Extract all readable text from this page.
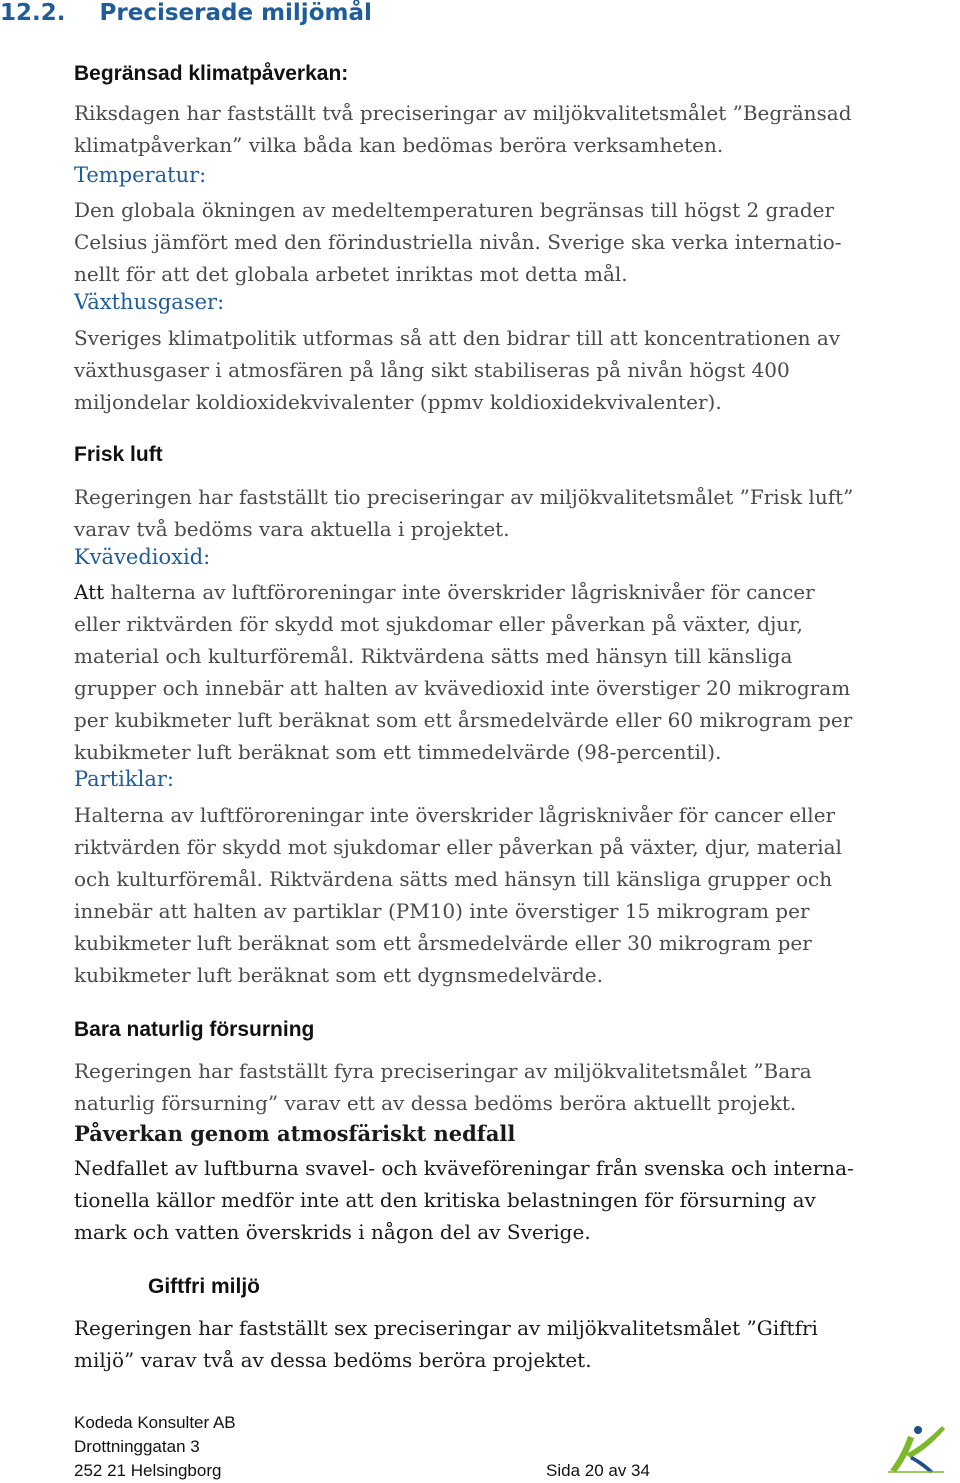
12.2. Preciserade miljömål
Begränsad klimatpåverkan:
Riksdagen har fastställt två preciseringar av miljökvalitetsmålet ”Begränsad
klimatpåverkan” vilka båda kan bedömas beröra verksamheten.
Temperatur:
Den globala ökningen av medeltemperaturen begränsas till högst 2 grader
Celsius jämfört med den förindustriella nivån. Sverige ska verka internatio-
nellt för att det globala arbetet inriktas mot detta mål.
Växthusgaser:
Sveriges klimatpolitik utformas så att den bidrar till att koncentrationen av
växthusgaser i atmosfären på lång sikt stabiliseras på nivån högst 400
miljondelar koldioxidekvivalenter (ppmv koldioxidekvivalenter).
Frisk luft
Regeringen har fastställt tio preciseringar av miljökvalitetsmålet ”Frisk luft”
varav två bedöms vara aktuella i projektet.
Kvävedioxid:
Att halterna av luftföroreningar inte överskrider lågrisknivåer för cancer
eller riktvärden för skydd mot sjukdomar eller påverkan på växter, djur,
material och kulturföremål. Riktvärdena sätts med hänsyn till känsliga
grupper och innebär att halten av kvävedioxid inte överstiger 20 mikrogram
per kubikmeter luft beräknat som ett årsmedelvärde eller 60 mikrogram per
kubikmeter luft beräknat som ett timmedelvärde (98-percentil).
Partiklar:
Halterna av luftföroreningar inte överskrider lågrisknivåer för cancer eller
riktvärden för skydd mot sjukdomar eller påverkan på växter, djur, material
och kulturföremål. Riktvärdena sätts med hänsyn till känsliga grupper och
innebär att halten av partiklar (PM10) inte överstiger 15 mikrogram per
kubikmeter luft beräknat som ett årsmedelvärde eller 30 mikrogram per
kubikmeter luft beräknat som ett dygnsmedelvärde.
Bara naturlig försurning
Regeringen har fastställt fyra preciseringar av miljökvalitetsmålet ”Bara
naturlig försurning” varav ett av dessa bedöms beröra aktuellt projekt.
Påverkan genom atmosfäriskt nedfall
Nedfallet av luftburna svavel- och kväveföreningar från svenska och interna-
tionella källor medför inte att den kritiska belastningen för försurning av
mark och vatten överskrids i någon del av Sverige.
Giftfri miljö
Regeringen har fastställt sex preciseringar av miljökvalitetsmålet ”Giftfri
miljö” varav två av dessa bedöms beröra projektet.
Kodeda Konsulter AB
Drottninggatan 3
252 21 Helsingborg	Sida 20 av 34
